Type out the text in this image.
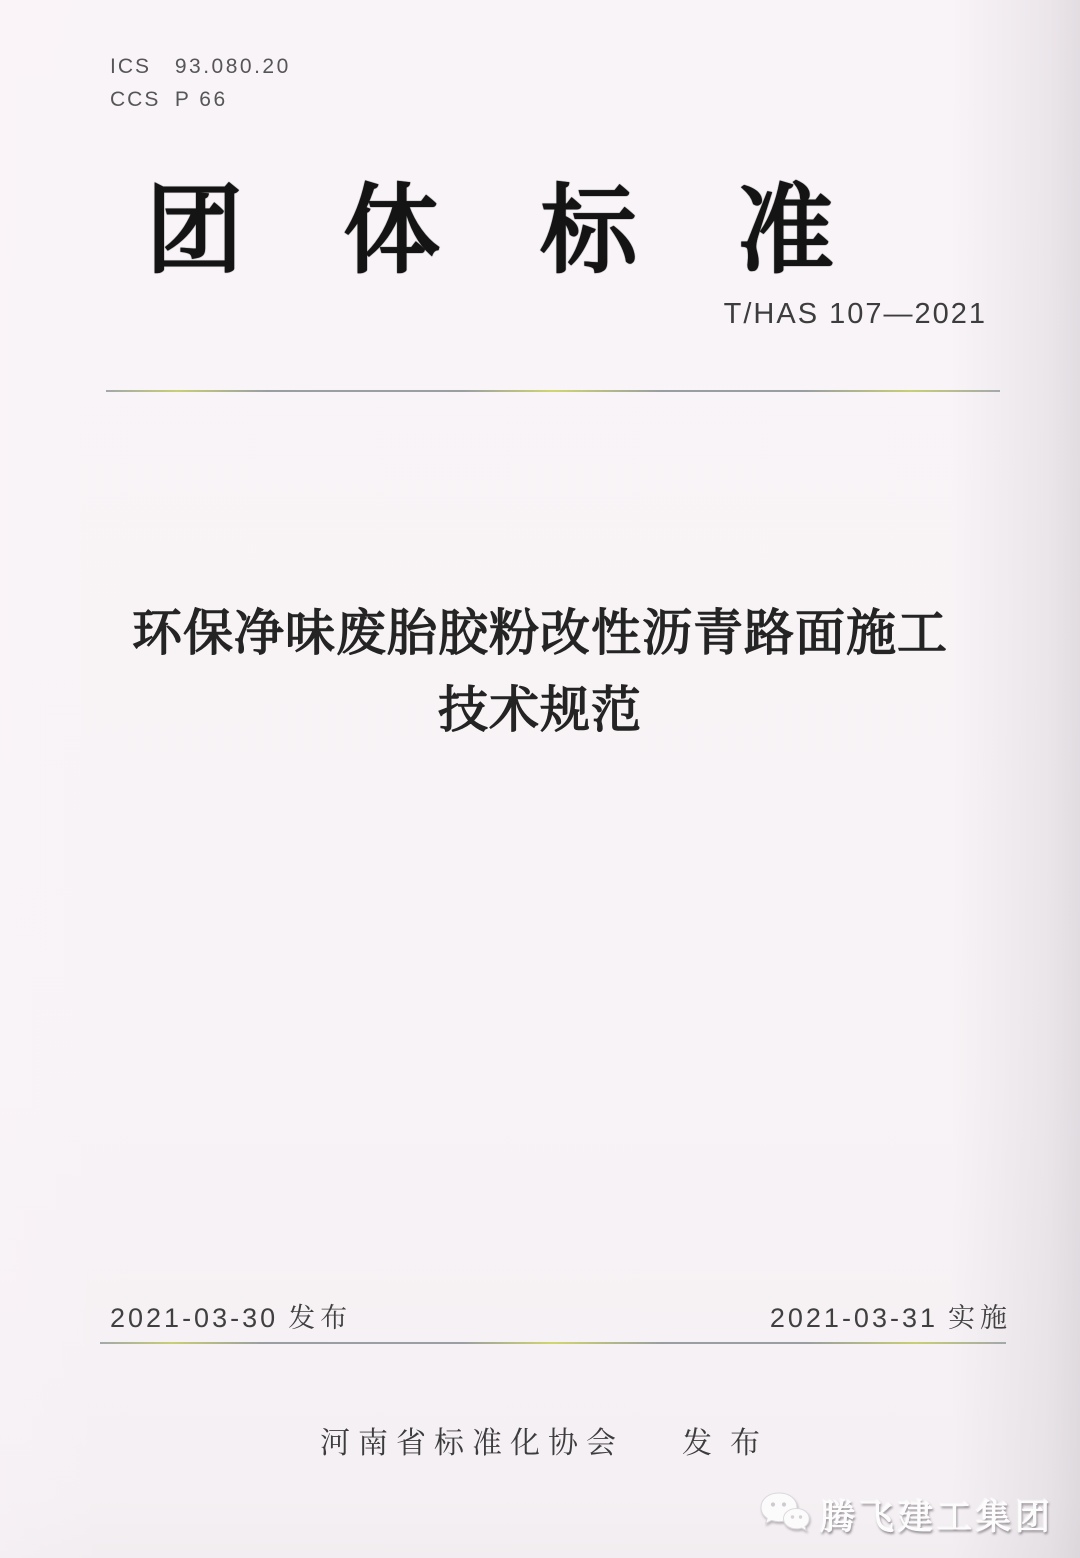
ICS 93.080.20
CCS P 66
团体标准
T/HAS 107—2021
环保净味废胎胶粉改性沥青路面施工
技术规范
2021-03-30 发布	2021-03-31 实施
河南省标准化协会 发布
腾飞建工集团
